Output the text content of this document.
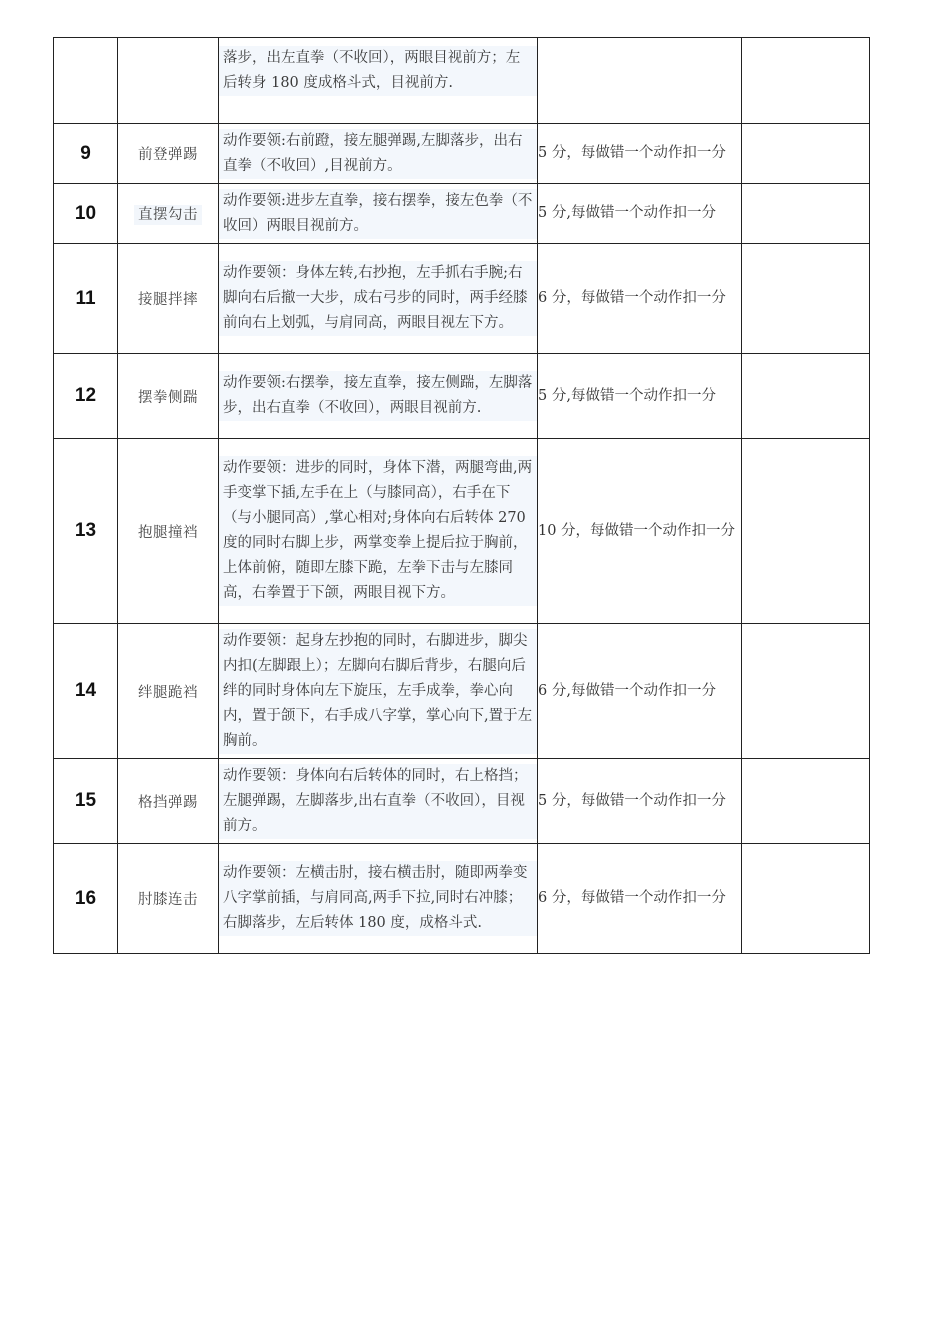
		落步，出左直拳（不收回），两眼目视前方；左后转身 180 度成格斗式，目视前方.		

9	前登弹踢	动作要领:右前蹬，接左腿弹踢,左脚落步，出右直拳（不收回）,目视前方。	5 分，每做错一个动作扣一分	
10	直摆勾击	动作要领:进步左直拳，接右摆拳，接左色拳（不收回）两眼目视前方。	5 分,每做错一个动作扣一分	
11	接腿拌摔	动作要领：身体左转,右抄抱，左手抓右手腕;右脚向右后撤一大步，成右弓步的同时，两手经膝前向右上划弧，与肩同高，两眼目视左下方。	6 分，每做错一个动作扣一分	
12	摆拳侧踹	动作要领:右摆拳，接左直拳，接左侧踹，左脚落步，出右直拳（不收回），两眼目视前方.	5 分,每做错一个动作扣一分	
13	抱腿撞裆	动作要领：进步的同时，身体下潜，两腿弯曲,两手变掌下插,左手在上（与膝同高），右手在下（与小腿同高）,掌心相对;身体向右后转体 270 度的同时右脚上步，两掌变拳上提后拉于胸前，上体前俯，随即左膝下跪，左拳下击与左膝同高，右拳置于下颌，两眼目视下方。	10 分，每做错一个动作扣一分	
14	绊腿跪裆	动作要领：起身左抄抱的同时，右脚进步，脚尖内扣(左脚跟上）；左脚向右脚后背步，右腿向后绊的同时身体向左下旋压，左手成拳，拳心向内，置于颌下，右手成八字掌，掌心向下,置于左胸前。	6 分,每做错一个动作扣一分	
15	格挡弹踢	动作要领：身体向右后转体的同时，右上格挡；左腿弹踢，左脚落步,出右直拳（不收回），目视前方。	5 分，每做错一个动作扣一分	
16	肘膝连击	动作要领：左横击肘，接右横击肘，随即两拳变八字掌前插，与肩同高,两手下拉,同时右冲膝；右脚落步，左后转体 180 度，成格斗式.	6 分，每做错一个动作扣一分	
